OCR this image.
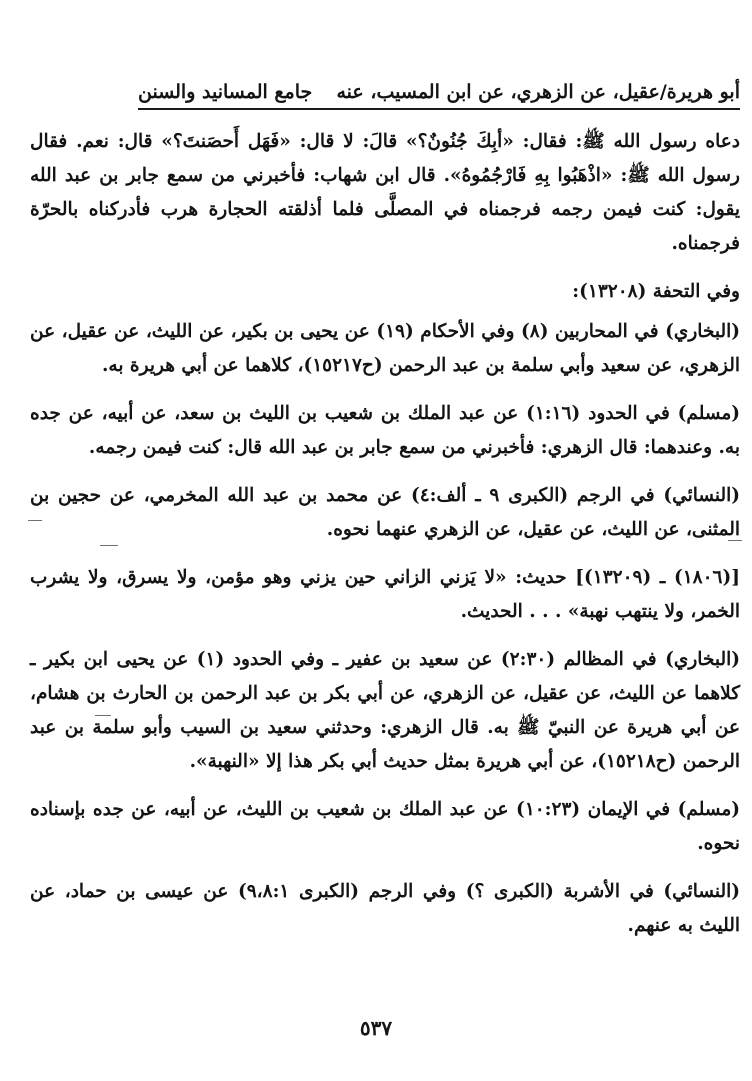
أبو هريرة/عقيل، عن الزهري، عن ابن المسيب، عنه
جامع المسانيد والسنن

دعاه رسول الله ﷺ: فقال: «أبِكَ جُنُونٌ؟» قالَ: لا قال: «فَهَل أَحصَنتَ؟» قال: نعم. فقال رسول الله ﷺ: «اذْهَبُوا بِهِ فَارْجُمُوهُ». قال ابن شهاب: فأخبرني من سمع جابر بن عبد الله يقول: كنت فيمن رجمه فرجمناه في المصلَّى فلما أذلقته الحجارة هرب فأدركناه بالحرّة فرجمناه.

وفي التحفة (١٣٢٠٨):

(البخاري) في المحاربين (٨) وفي الأحكام (١٩) عن يحيى بن بكير، عن الليث، عن عقيل، عن الزهري، عن سعيد وأبي سلمة بن عبد الرحمن (ح١٥٢١٧)، كلاهما عن أبي هريرة به.

(مسلم) في الحدود (١:١٦) عن عبد الملك بن شعيب بن الليث بن سعد، عن أبيه، عن جده به. وعندهما: قال الزهري: فأخبرني من سمع جابر بن عبد الله قال: كنت فيمن رجمه.

(النسائي) في الرجم (الكبرى ٩ ـ ألف:٤) عن محمد بن عبد الله المخرمي، عن حجين بن المثنى، عن الليث، عن عقيل، عن الزهري عنهما نحوه.

[(١٨٠٦) ـ (١٣٢٠٩)] حديث: «لا يَزني الزاني حين يزني وهو مؤمن، ولا يسرق، ولا يشرب الخمر، ولا ينتهب نهبة» . . . الحديث.

(البخاري) في المظالم (٢:٣٠) عن سعيد بن عفير ـ وفي الحدود (١) عن يحيى ابن بكير ـ كلاهما عن الليث، عن عقيل، عن الزهري، عن أبي بكر بن عبد الرحمن بن الحارث بن هشام، عن أبي هريرة عن النبيّ ﷺ به. قال الزهري: وحدثني سعيد بن السيب وأبو سلمة بن عبد الرحمن (ح١٥٢١٨)، عن أبي هريرة بمثل حديث أبي بكر هذا إلا «النهبة».

(مسلم) في الإيمان (١٠:٢٣) عن عبد الملك بن شعيب بن الليث، عن أبيه، عن جده بإسناده نحوه.

(النسائي) في الأشربة (الكبرى ؟) وفي الرجم (الكبرى ٩،٨:١) عن عيسى بن حماد، عن الليث به عنهم.

٥٣٧
